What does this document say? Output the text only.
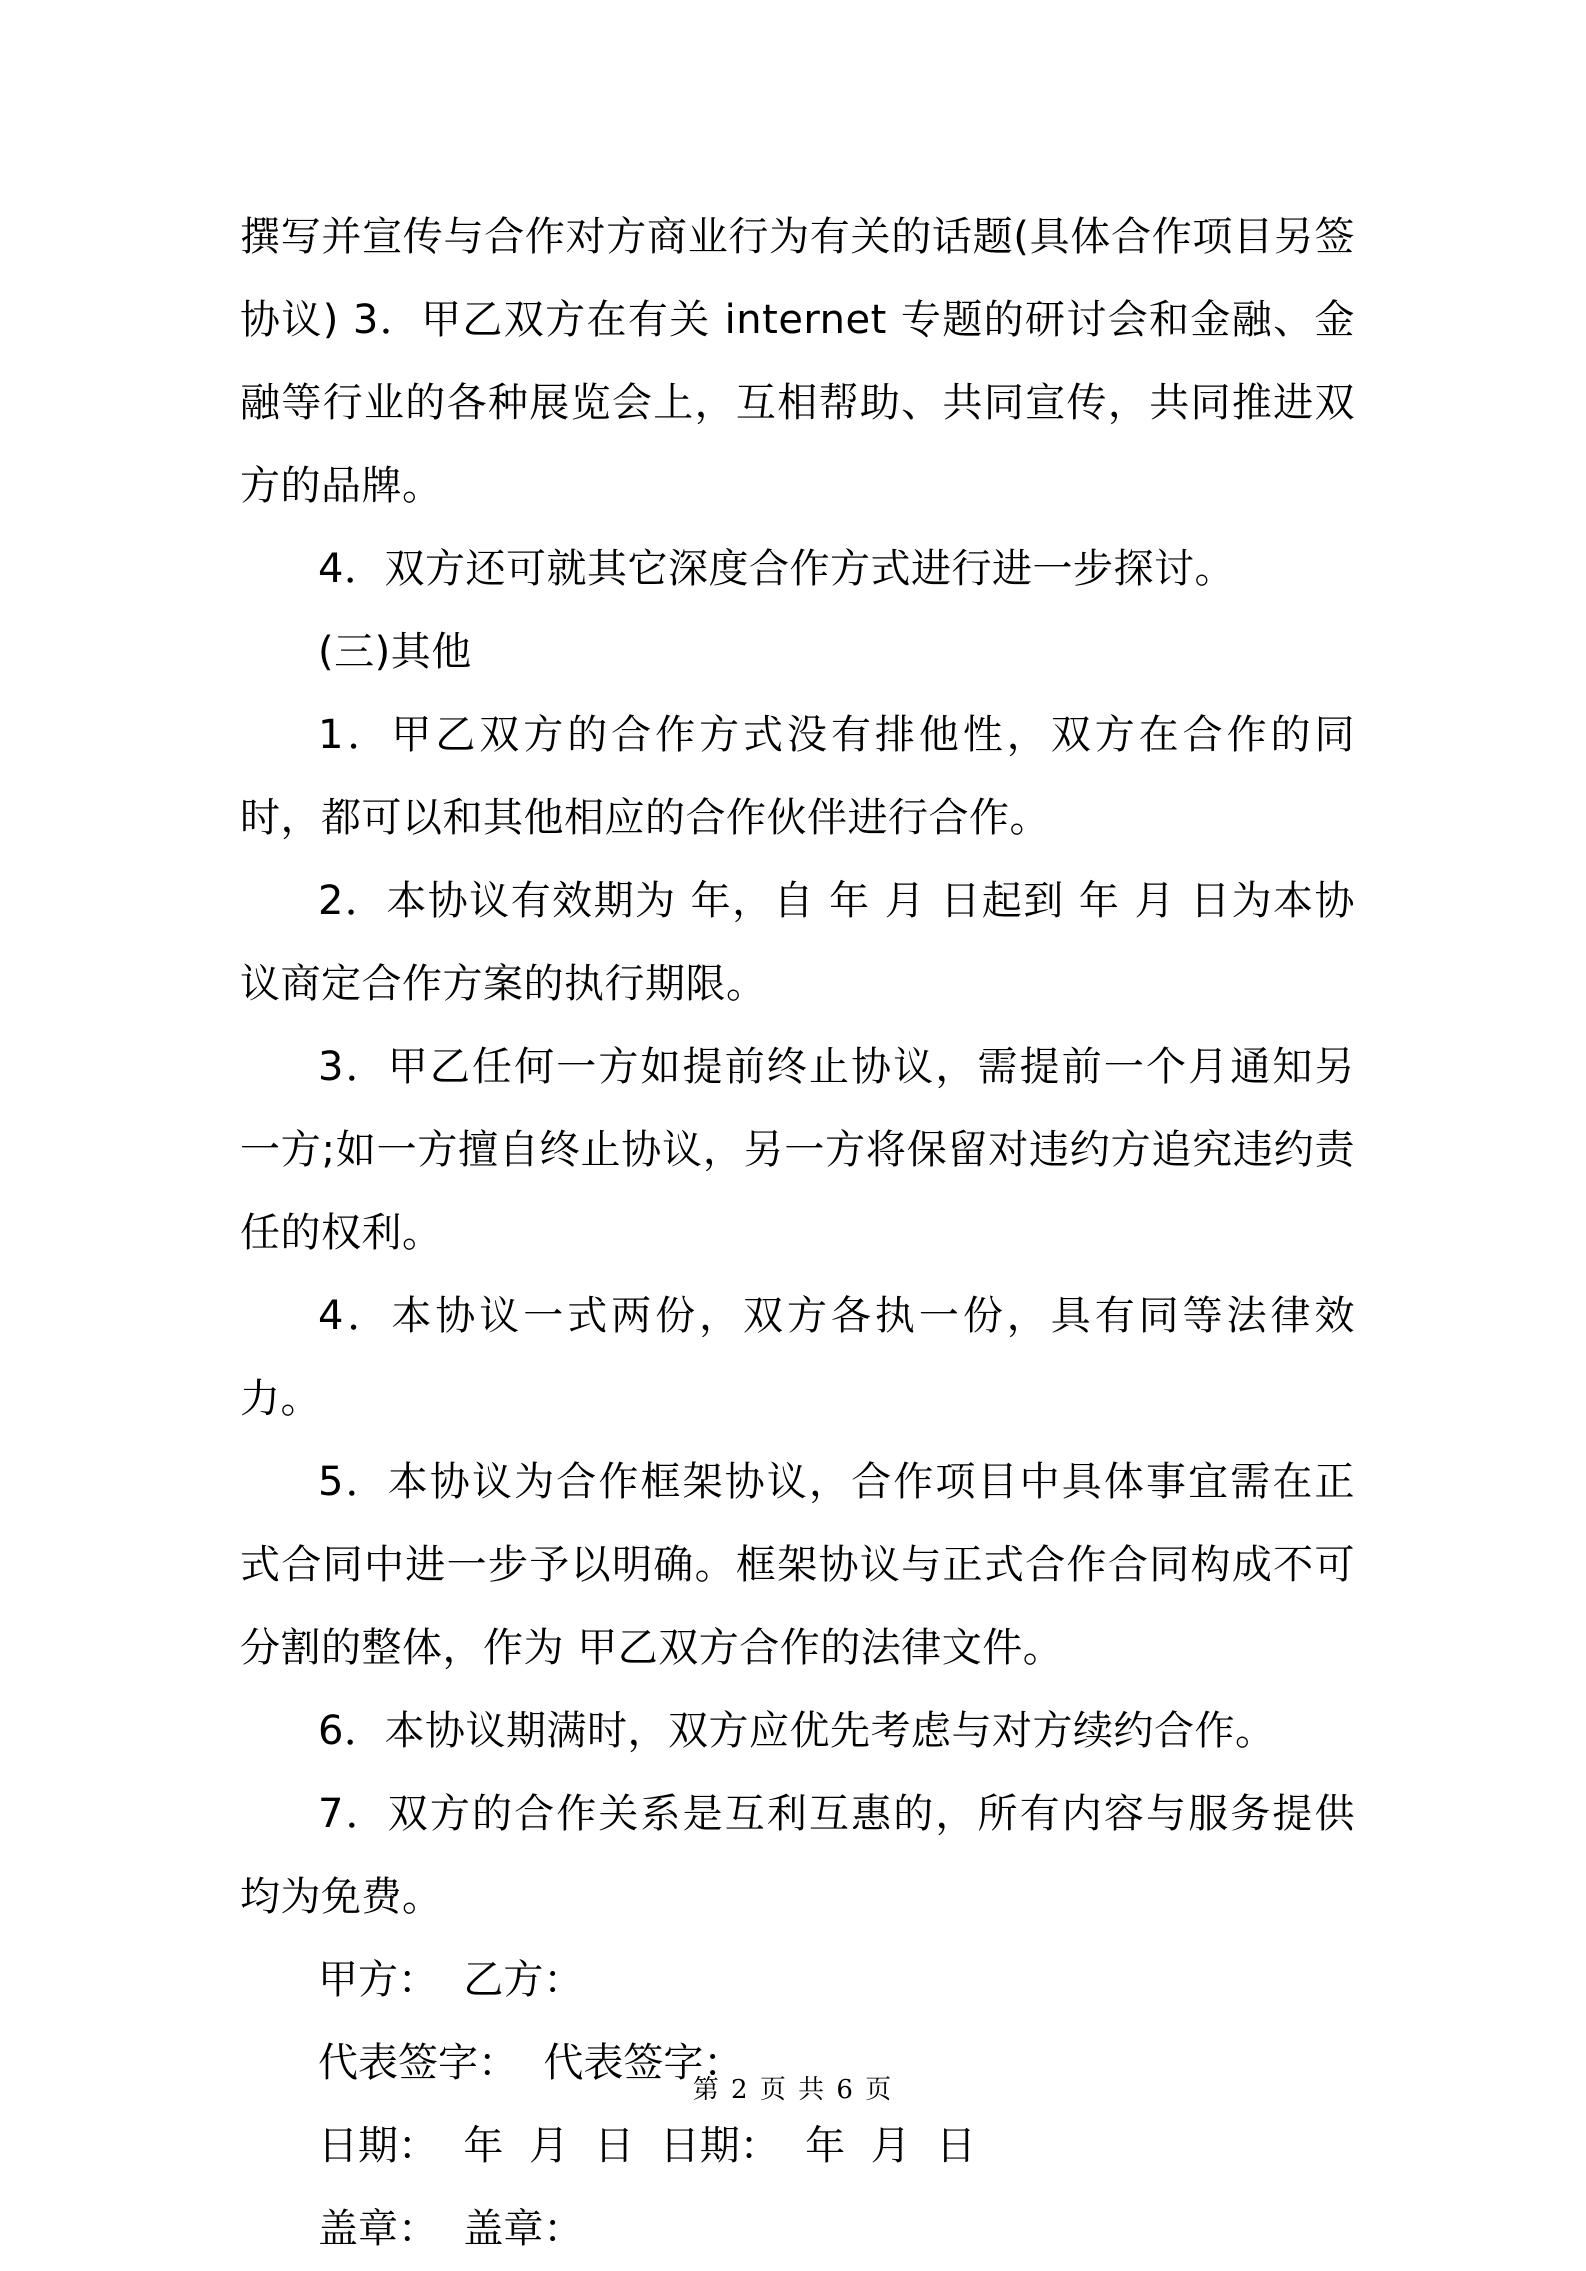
撰写并宣传与合作对方商业行为有关的话题(具体合作项目另签协议) 3．甲乙双方在有关 internet 专题的研讨会和金融、金融等行业的各种展览会上，互相帮助、共同宣传，共同推进双方的品牌。

4．双方还可就其它深度合作方式进行进一步探讨。

(三)其他

1．甲乙双方的合作方式没有排他性，双方在合作的同时，都可以和其他相应的合作伙伴进行合作。

2．本协议有效期为 年，自 年 月 日起到 年 月 日为本协议商定合作方案的执行期限。

3．甲乙任何一方如提前终止协议，需提前一个月通知另一方;如一方擅自终止协议，另一方将保留对违约方追究违约责任的权利。

4．本协议一式两份，双方各执一份，具有同等法律效力。

5．本协议为合作框架协议，合作项目中具体事宜需在正式合同中进一步予以明确。框架协议与正式合作合同构成不可分割的整体，作为 甲乙双方合作的法律文件。

6．本协议期满时，双方应优先考虑与对方续约合作。

7．双方的合作关系是互利互惠的，所有内容与服务提供均为免费。

甲方：  乙方：

代表签字：  代表签字：

日期：  年  月  日  日期：  年  月  日

盖章：  盖章：

第 2 页 共 6 页
